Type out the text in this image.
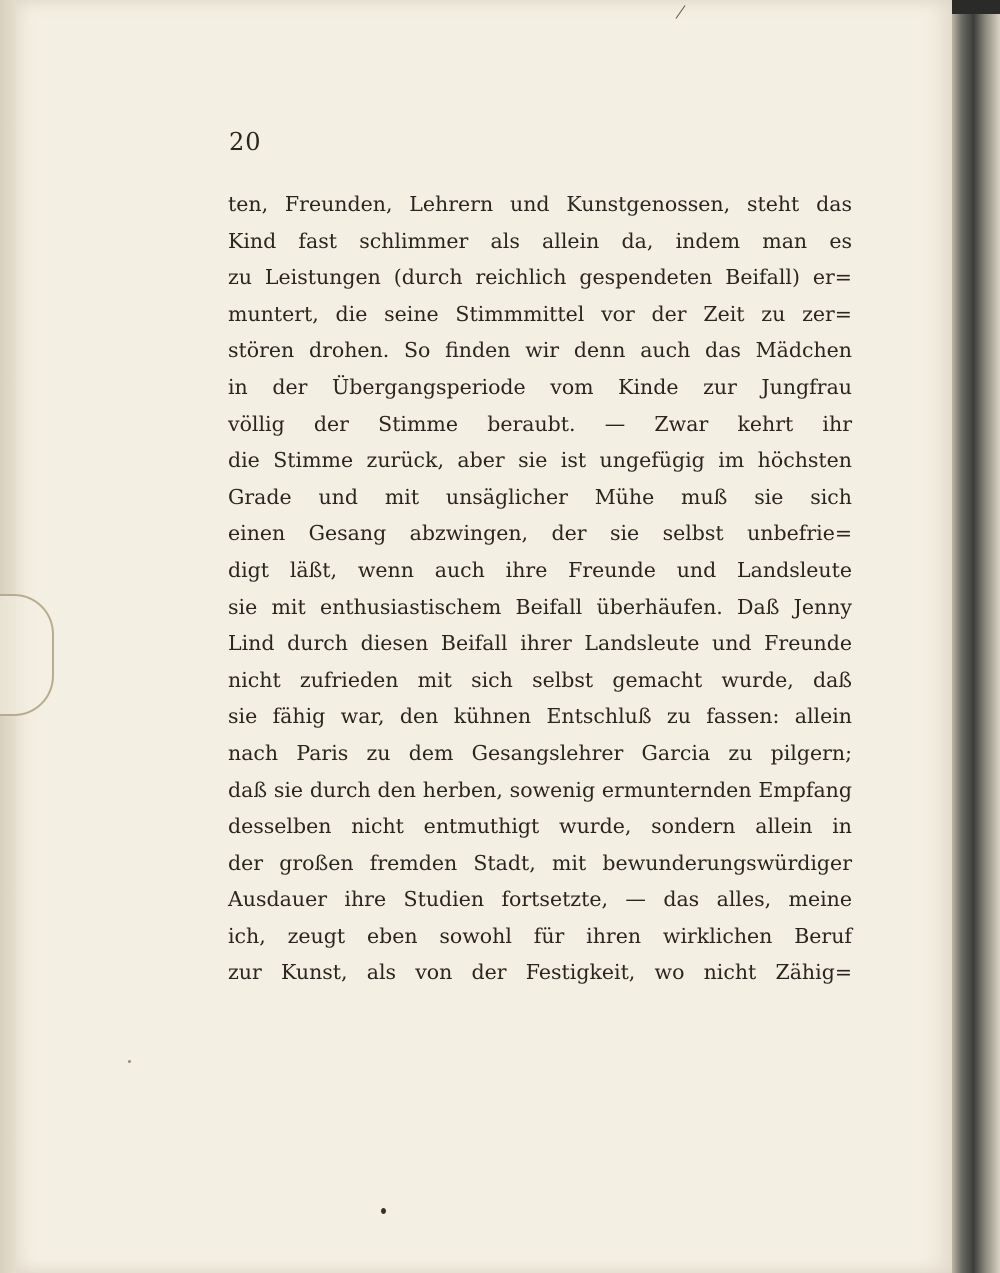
20
ten, Freunden, Lehrern und Kunstgenossen, steht das
Kind fast schlimmer als allein da, indem man es
zu Leistungen (durch reichlich gespendeten Beifall) er=
muntert, die seine Stimmmittel vor der Zeit zu zer=
stören drohen. So finden wir denn auch das Mädchen
in der Übergangsperiode vom Kinde zur Jungfrau
völlig der Stimme beraubt. — Zwar kehrt ihr
die Stimme zurück, aber sie ist ungefügig im höchsten
Grade und mit unsäglicher Mühe muß sie sich
einen Gesang abzwingen, der sie selbst unbefrie=
digt läßt, wenn auch ihre Freunde und Landsleute
sie mit enthusiastischem Beifall überhäufen. Daß Jenny
Lind durch diesen Beifall ihrer Landsleute und Freunde
nicht zufrieden mit sich selbst gemacht wurde, daß
sie fähig war, den kühnen Entschluß zu fassen: allein
nach Paris zu dem Gesangslehrer Garcia zu pilgern;
daß sie durch den herben, sowenig ermunternden Empfang
desselben nicht entmuthigt wurde, sondern allein in
der großen fremden Stadt, mit bewunderungswürdiger
Ausdauer ihre Studien fortsetzte, — das alles, meine
ich, zeugt eben sowohl für ihren wirklichen Beruf
zur Kunst, als von der Festigkeit, wo nicht Zähig=
